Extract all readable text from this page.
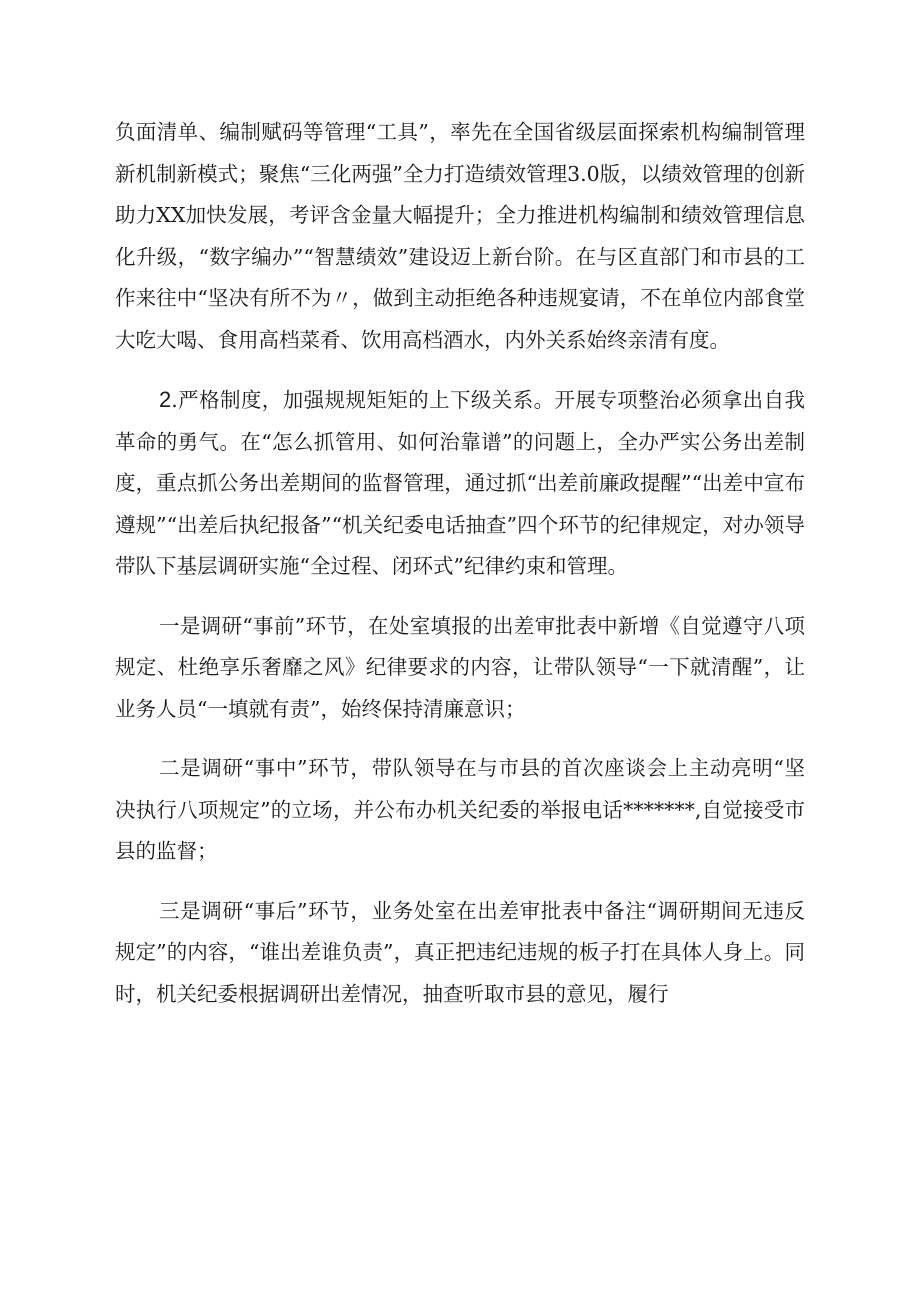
负面清单、编制赋码等管理“工具”，率先在全国省级层面探索机构编制管理新机制新模式；聚焦“三化两强”全力打造绩效管理3.0版，以绩效管理的创新助力XX加快发展，考评含金量大幅提升；全力推进机构编制和绩效管理信息化升级，“数字编办”“智慧绩效”建设迈上新台阶。在与区直部门和市县的工作来往中“坚决有所不为〃，做到主动拒绝各种违规宴请，不在单位内部食堂大吃大喝、食用高档菜肴、饮用高档酒水，内外关系始终亲清有度。

2.严格制度，加强规规矩矩的上下级关系。开展专项整治必须拿出自我革命的勇气。在“怎么抓管用、如何治靠谱”的问题上，全办严实公务出差制度，重点抓公务出差期间的监督管理，通过抓“出差前廉政提醒”“出差中宣布遵规”“出差后执纪报备”“机关纪委电话抽查”四个环节的纪律规定，对办领导带队下基层调研实施“全过程、闭环式”纪律约束和管理。

一是调研“事前”环节，在处室填报的出差审批表中新增《自觉遵守八项规定、杜绝享乐奢靡之风》纪律要求的内容，让带队领导“一下就清醒”，让业务人员“一填就有责”，始终保持清廉意识；

二是调研“事中”环节，带队领导在与市县的首次座谈会上主动亮明“坚决执行八项规定”的立场，并公布办机关纪委的举报电话*******,自觉接受市县的监督；

三是调研“事后”环节，业务处室在出差审批表中备注“调研期间无违反规定”的内容，“谁出差谁负责”，真正把违纪违规的板子打在具体人身上。同时，机关纪委根据调研出差情况，抽查听取市县的意见，履行
